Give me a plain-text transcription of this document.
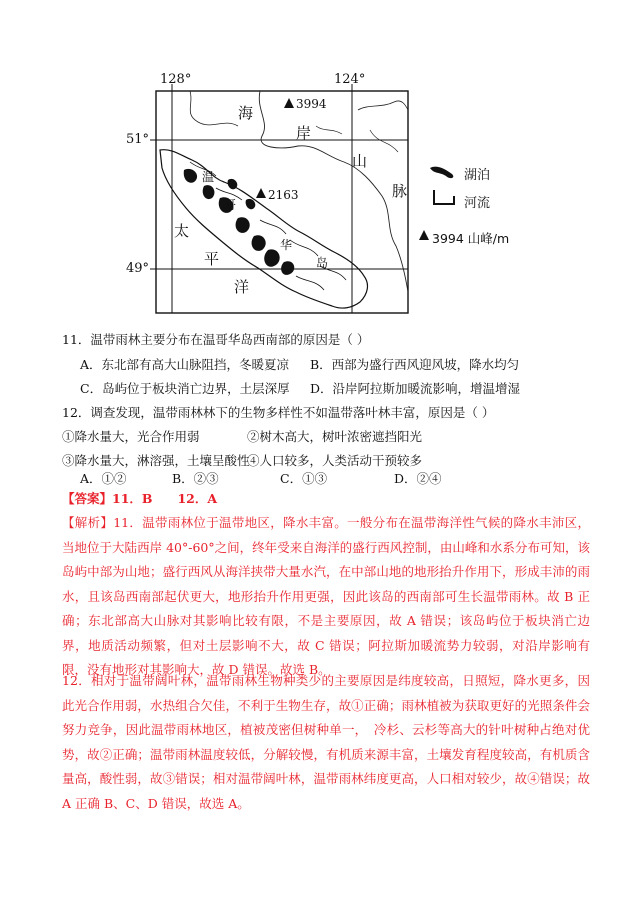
128°	124°
51°
49°
海
岸
山
脉
太
平
洋
温
哥
华
岛
3994
2163
湖泊
河流
3994 山峰/m
11．温带雨林主要分布在温哥华岛西南部的原因是（ ）
A．东北部有高大山脉阻挡，冬暖夏凉 B．西部为盛行西风迎风坡，降水均匀
C．岛屿位于板块消亡边界，土层深厚 D．沿岸阿拉斯加暖流影响，增温增湿
12．调查发现，温带雨林林下的生物多样性不如温带落叶林丰富，原因是（ ）
①降水量大，光合作用弱	②树木高大，树叶浓密遮挡阳光
③降水量大，淋溶强，土壤呈酸性
④人口较多，人类活动干预较多
A．①②	B．②③	C．①③	D．②④
【答案】11．B　　12．A

【解析】11．温带雨林位于温带地区，降水丰富。一般分布在温带海洋性气候的降水丰沛区，当地位于大陆西岸 40°-60°之间，终年受来自海洋的盛行西风控制，由山峰和水系分布可知，该岛屿中部为山地；盛行西风从海洋挟带大量水汽，在中部山地的地形抬升作用下，形成丰沛的雨水，且该岛西南部起伏更大，地形抬升作用更强，因此该岛的西南部可生长温带雨林。故 B 正确；东北部高大山脉对其影响比较有限，不是主要原因，故 A 错误；该岛屿位于板块消亡边界，地质活动频繁，但对土层影响不大，故 C 错误；阿拉斯加暖流势力较弱，对沿岸影响有限，没有地形对其影响大，故 D 错误。故选 B。

12．相对于温带阔叶林，温带雨林生物种类少的主要原因是纬度较高，日照短，降水更多，因此光合作用弱，水热组合欠佳，不利于生物生存，故①正确；雨林植被为获取更好的光照条件会努力竞争，因此温带雨林地区，植被茂密但树种单一，　冷杉、云杉等高大的针叶树种占绝对优势，故②正确；温带雨林温度较低，分解较慢，有机质来源丰富，土壤发育程度较高，有机质含量高，酸性弱，故③错误；相对温带阔叶林，温带雨林纬度更高，人口相对较少，故④错误；故 A 正确 B、C、D 错误，故选 A。
